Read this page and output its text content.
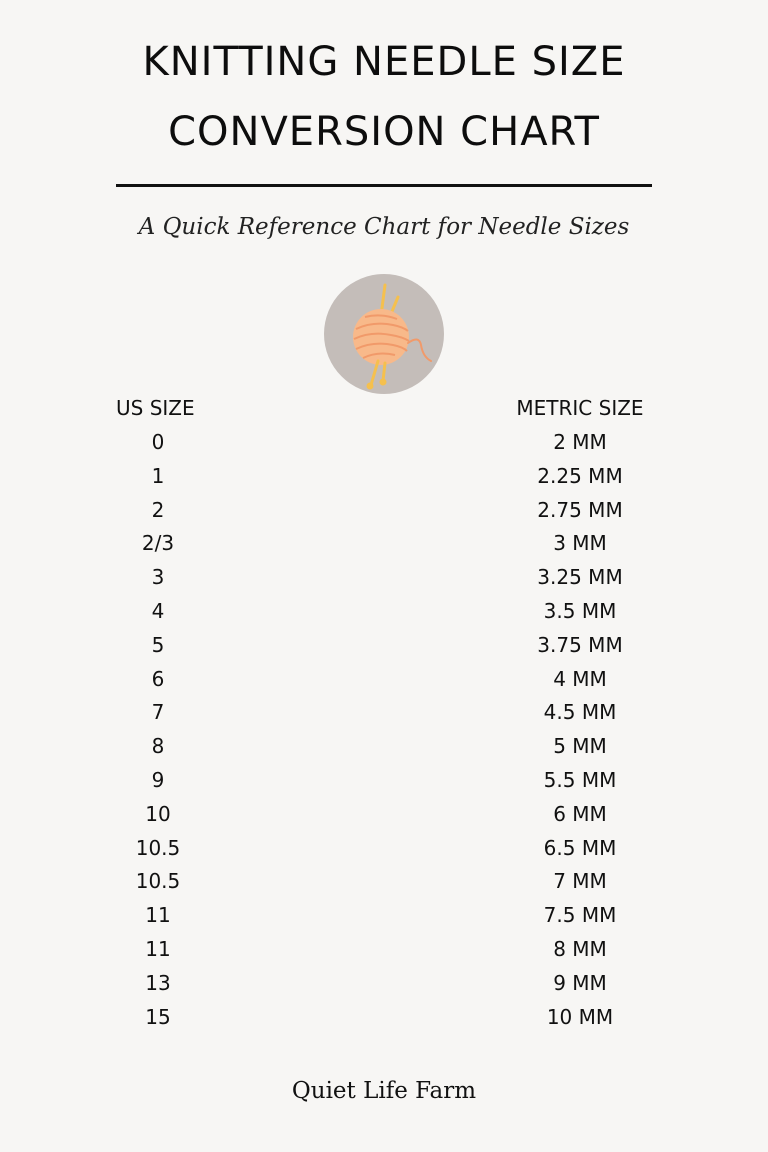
KNITTING NEEDLE SIZE
CONVERSION CHART
A Quick Reference Chart for Needle Sizes
US SIZE	METRIC SIZE
0	2 MM
1	2.25 MM
2	2.75 MM
2/3	3 MM
3	3.25 MM
4	3.5 MM
5	3.75 MM
6	4 MM
7	4.5 MM
8	5 MM
9	5.5 MM
10	6 MM
10.5	6.5 MM
10.5	7 MM
11	7.5 MM
11	8 MM
13	9 MM
15	10 MM
Quiet Life Farm
